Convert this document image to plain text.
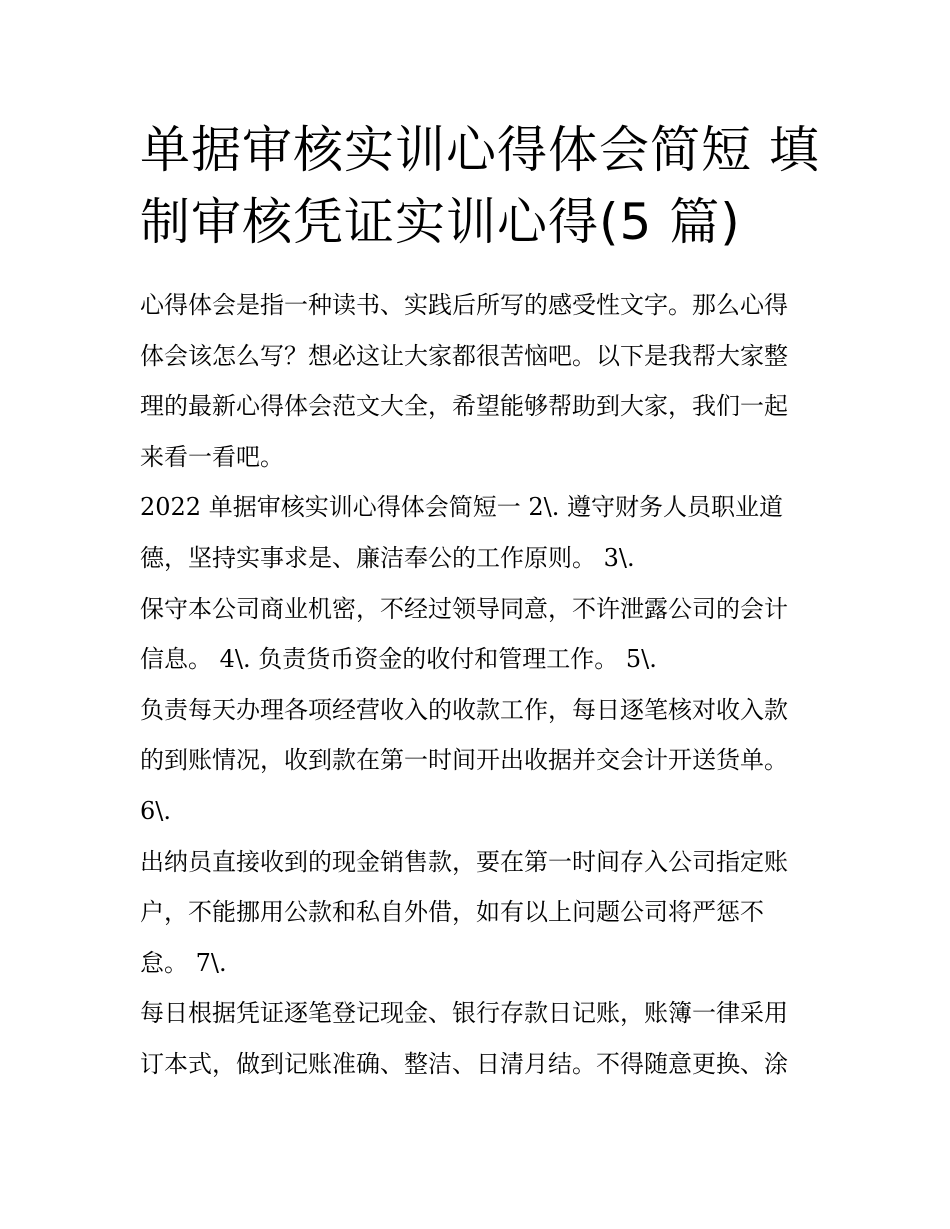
单据审核实训心得体会简短 填
制审核凭证实训心得(5 篇)
心得体会是指一种读书、实践后所写的感受性文字。那么心得
体会该怎么写？想必这让大家都很苦恼吧。以下是我帮大家整
理的最新心得体会范文大全，希望能够帮助到大家，我们一起
来看一看吧。
2022 单据审核实训心得体会简短一 2\. 遵守财务人员职业道
德，坚持实事求是、廉洁奉公的工作原则。 3\.
保守本公司商业机密，不经过领导同意，不许泄露公司的会计
信息。 4\. 负责货币资金的收付和管理工作。 5\.
负责每天办理各项经营收入的收款工作，每日逐笔核对收入款
的到账情况，收到款在第一时间开出收据并交会计开送货单。
6\.
出纳员直接收到的现金销售款，要在第一时间存入公司指定账
户，不能挪用公款和私自外借，如有以上问题公司将严惩不
怠。 7\.
每日根据凭证逐笔登记现金、银行存款日记账，账簿一律采用
订本式，做到记账准确、整洁、日清月结。不得随意更换、涂
